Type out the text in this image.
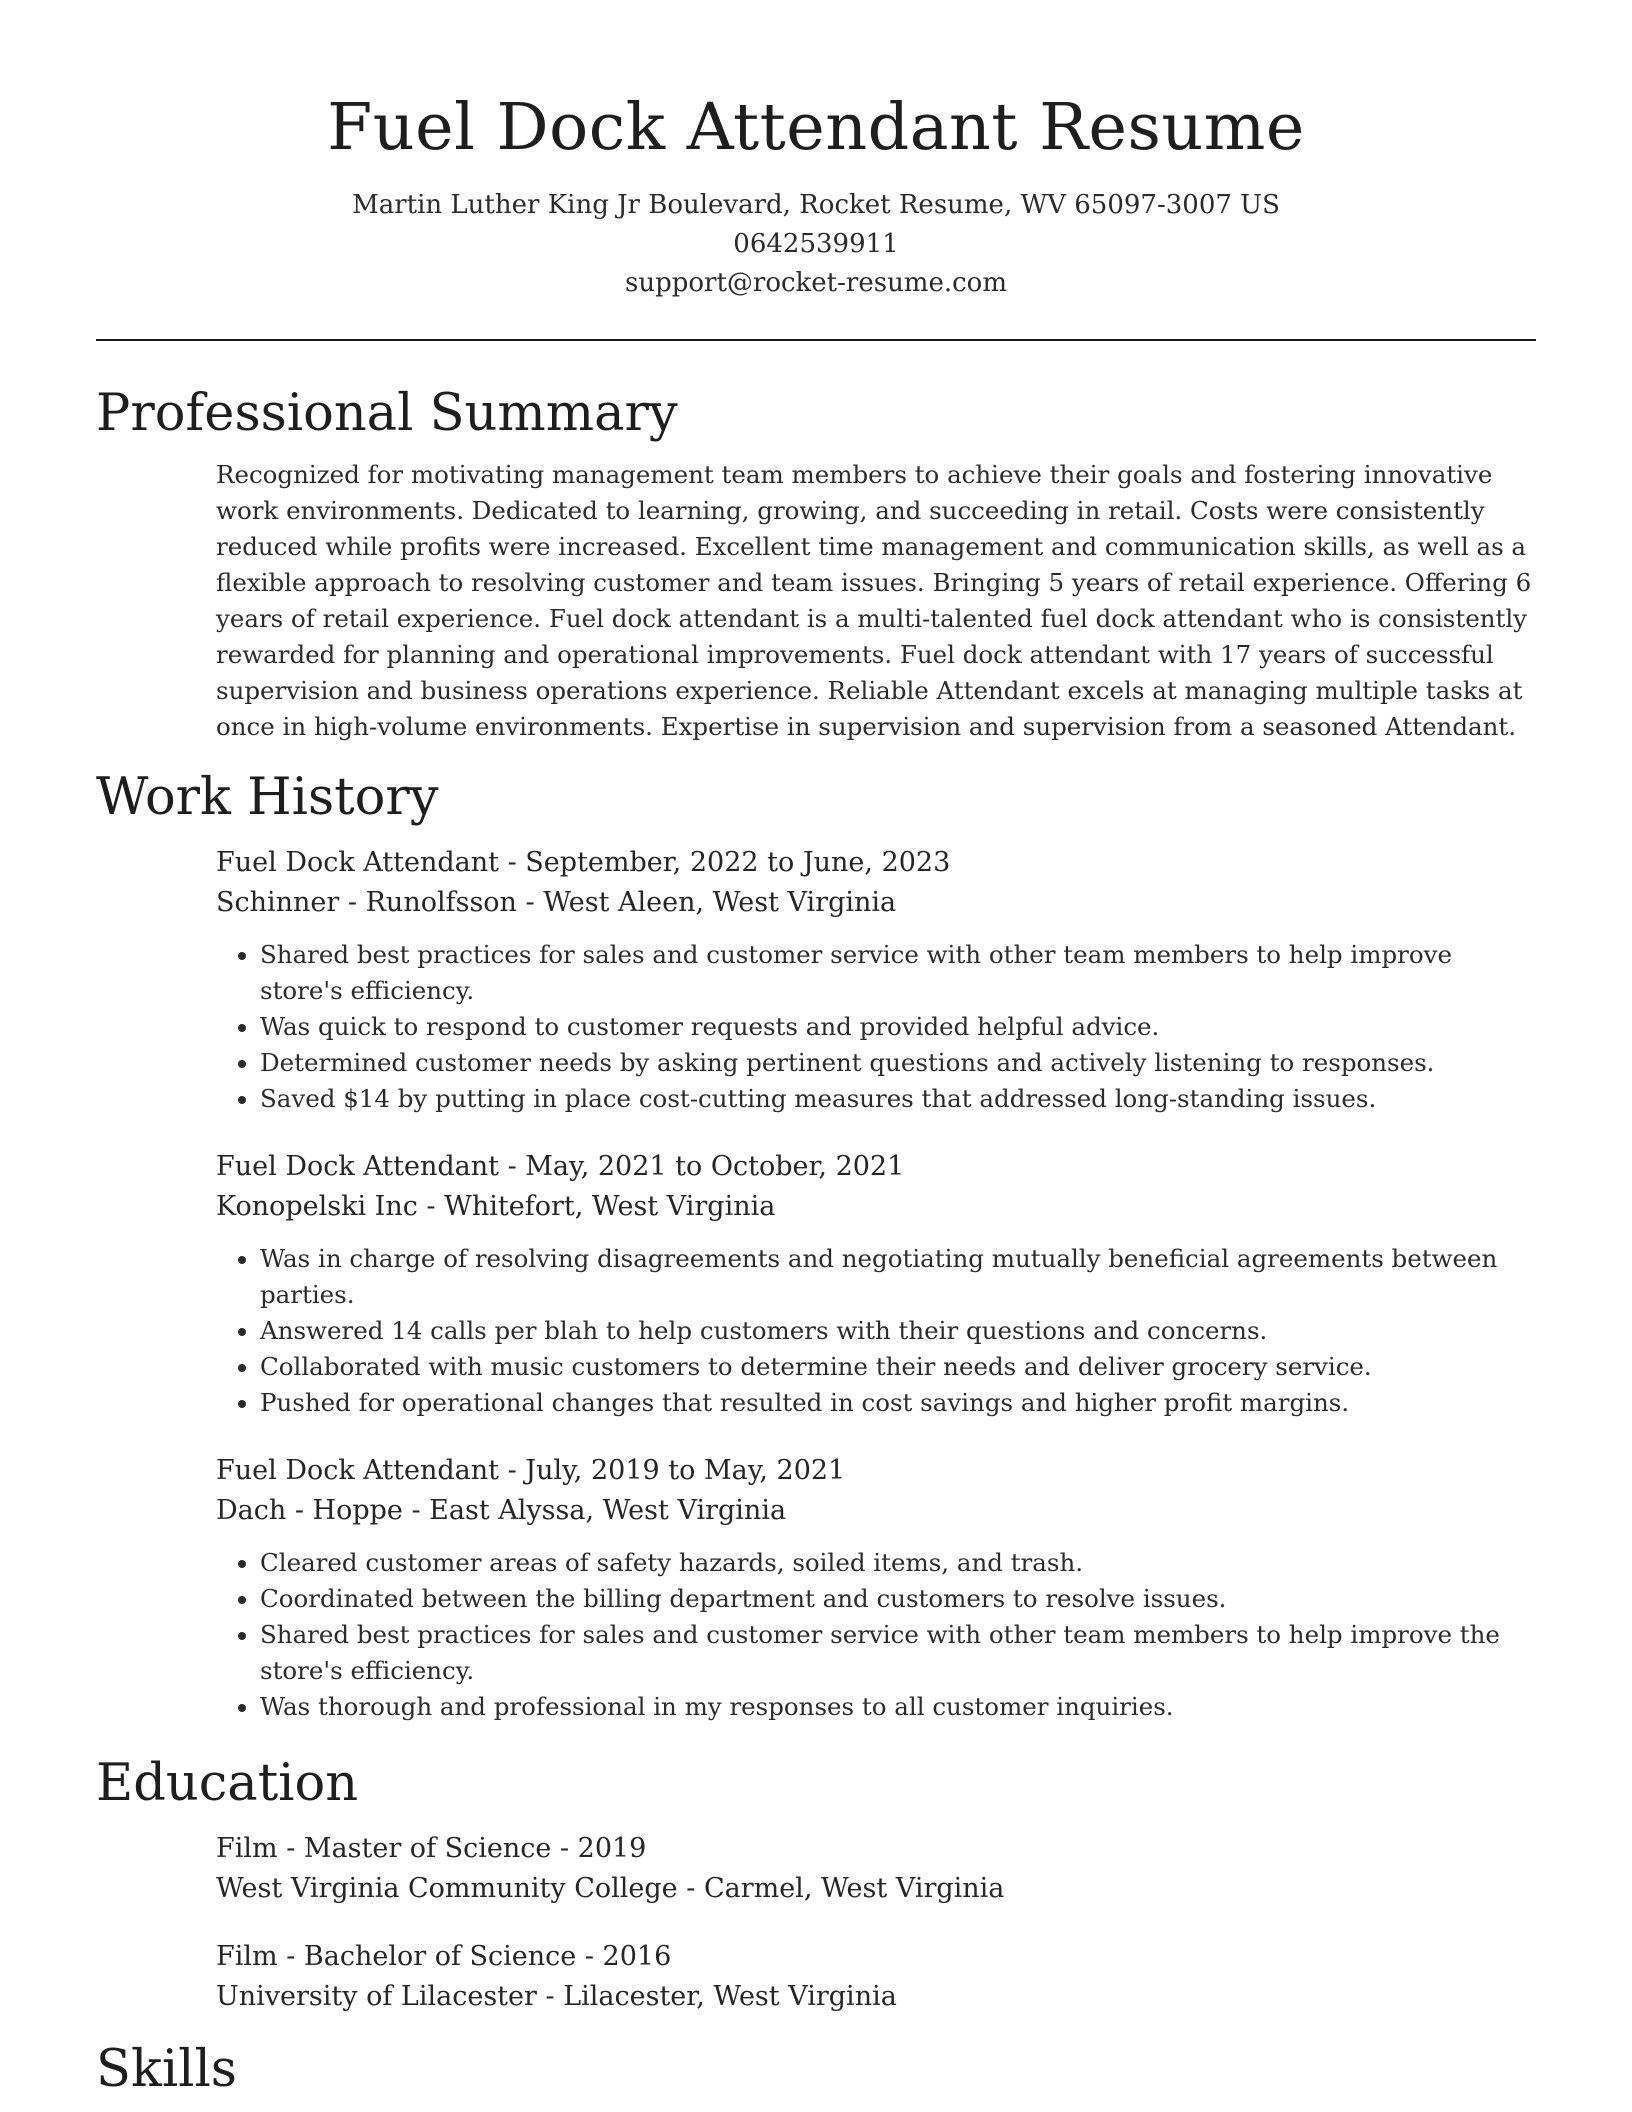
Fuel Dock Attendant Resume
Martin Luther King Jr Boulevard, Rocket Resume, WV 65097-3007 US
0642539911
support@rocket-resume.com
Professional Summary

Recognized for motivating management team members to achieve their goals and fostering innovative work environments. Dedicated to learning, growing, and succeeding in retail. Costs were consistently reduced while profits were increased. Excellent time management and communication skills, as well as a flexible approach to resolving customer and team issues. Bringing 5 years of retail experience. Offering 6 years of retail experience. Fuel dock attendant is a multi-talented fuel dock attendant who is consistently rewarded for planning and operational improvements. Fuel dock attendant with 17 years of successful supervision and business operations experience. Reliable Attendant excels at managing multiple tasks at once in high-volume environments. Expertise in supervision and supervision from a seasoned Attendant.

Work History
Fuel Dock Attendant - September, 2022 to June, 2023
Schinner - Runolfsson - West Aleen, West Virginia
• Shared best practices for sales and customer service with other team members to help improve store's efficiency.
• Was quick to respond to customer requests and provided helpful advice.
• Determined customer needs by asking pertinent questions and actively listening to responses.
• Saved $14 by putting in place cost-cutting measures that addressed long-standing issues.
Fuel Dock Attendant - May, 2021 to October, 2021
Konopelski Inc - Whitefort, West Virginia
• Was in charge of resolving disagreements and negotiating mutually beneficial agreements between parties.
• Answered 14 calls per blah to help customers with their questions and concerns.
• Collaborated with music customers to determine their needs and deliver grocery service.
• Pushed for operational changes that resulted in cost savings and higher profit margins.
Fuel Dock Attendant - July, 2019 to May, 2021
Dach - Hoppe - East Alyssa, West Virginia
• Cleared customer areas of safety hazards, soiled items, and trash.
• Coordinated between the billing department and customers to resolve issues.
• Shared best practices for sales and customer service with other team members to help improve the store's efficiency.
• Was thorough and professional in my responses to all customer inquiries.
Education
Film - Master of Science - 2019
West Virginia Community College - Carmel, West Virginia
Film - Bachelor of Science - 2016
University of Lilacester - Lilacester, West Virginia
Skills
